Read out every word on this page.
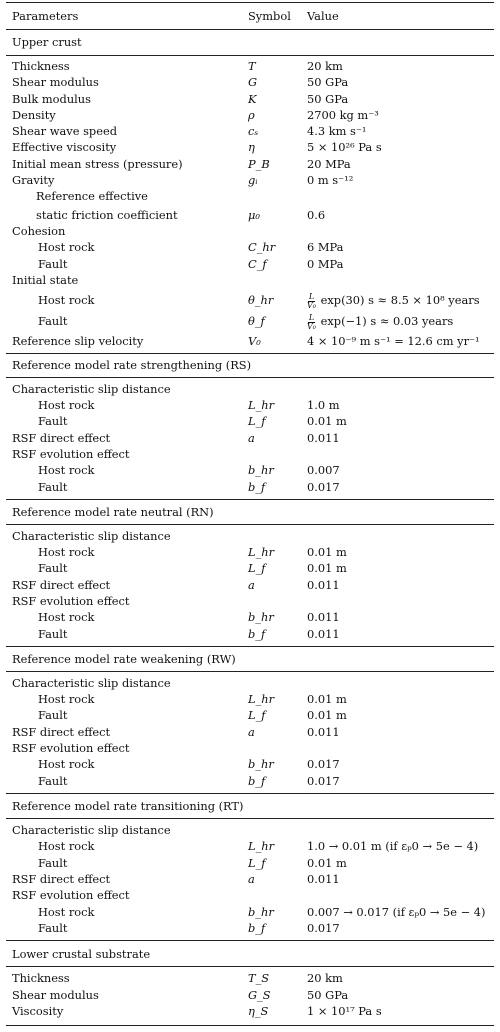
Parameters	Symbol Value
Upper crust
Thickness	T	20 km
Shear modulus	G	50 GPa
Bulk modulus	K	50 GPa
Density	ρ	2700 kg m⁻³
Shear wave speed	cₛ	4.3 km s⁻¹
Effective viscosity	η	5 × 10²⁶ Pa s
Initial mean stress (pressure)	P_B	20 MPa
Gravity	gᵢ	0 m s⁻¹²
Reference effective
static friction coefficient	μ₀	0.6
Cohesion
Host rock	C_hr	6 MPa
Fault	C_f	0 MPa
Initial state
Host rock	θ_hr	$\frac{L}{\text{V₀}} \exp(30) s \approx 8.5 \times 10^8$ years
Fault	θ_f	$\frac{L}{\text{V₀}} \exp(-1) s \approx 0.03$ years
Reference slip velocity	V₀	4 × 10⁻⁹ m s⁻¹ = 12.6 cm yr⁻¹
Reference model rate strengthening (RS)
Characteristic slip distance
Host rock	L_hr	1.0 m
Fault	L_f	0.01 m
RSF direct effect	a	0.011
RSF evolution effect
Host rock	b_hr	0.007
Fault	b_f	0.017
Reference model rate neutral (RN)
Characteristic slip distance
Host rock	L_hr	0.01 m
Fault	L_f	0.01 m
RSF direct effect	a	0.011
RSF evolution effect
Host rock	b_hr	0.011
Fault	b_f	0.011
Reference model rate weakening (RW)
Characteristic slip distance
Host rock	L_hr	0.01 m
Fault	L_f	0.01 m
RSF direct effect	a	0.011
RSF evolution effect
Host rock	b_hr	0.017
Fault	b_f	0.017
Reference model rate transitioning (RT)
Characteristic slip distance
Host rock	L_hr	1.0 → 0.01 m (if εₚ0 → 5e − 4)
Fault	L_f	0.01 m
RSF direct effect	a	0.011
RSF evolution effect
Host rock	b_hr	0.007 → 0.017 (if εₚ0 → 5e − 4)
Fault	b_f	0.017
Lower crustal substrate
Thickness	T_S	20 km
Shear modulus	G_S	50 GPa
Viscosity	η_S	1 × 10¹⁷ Pa s
